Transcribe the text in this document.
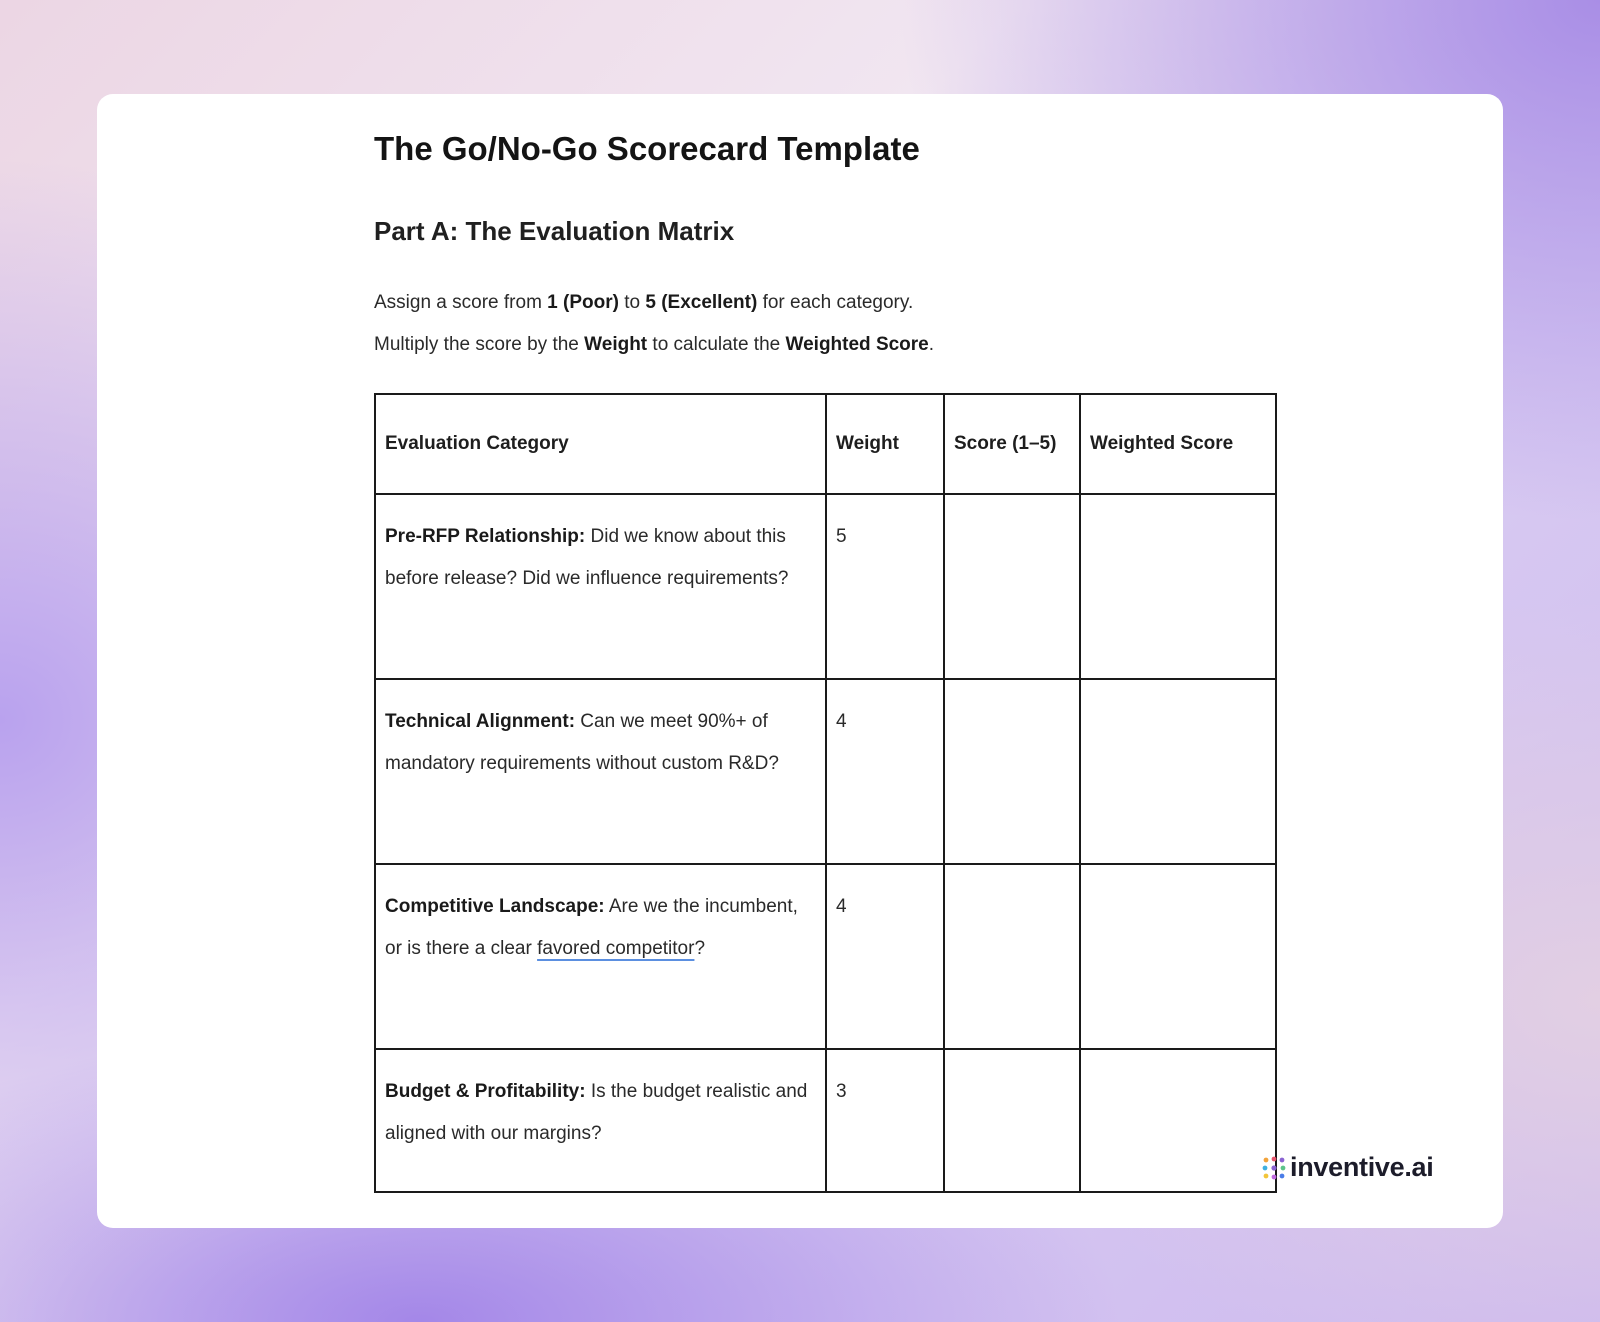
The Go/No-Go Scorecard Template
Part A: The Evaluation Matrix

Assign a score from 1 (Poor) to 5 (Excellent) for each category.

Multiply the score by the Weight to calculate the Weighted Score.

Evaluation Category	Weight	Score (1–5)	Weighted Score
Pre-RFP Relationship: Did we know about this before release? Did we influence requirements?	5		
Technical Alignment: Can we meet 90%+ of mandatory requirements without custom R&D?	4		
Competitive Landscape: Are we the incumbent, or is there a clear favored competitor?	4		
Budget & Profitability: Is the budget realistic and aligned with our margins?	3		
inventive.ai
